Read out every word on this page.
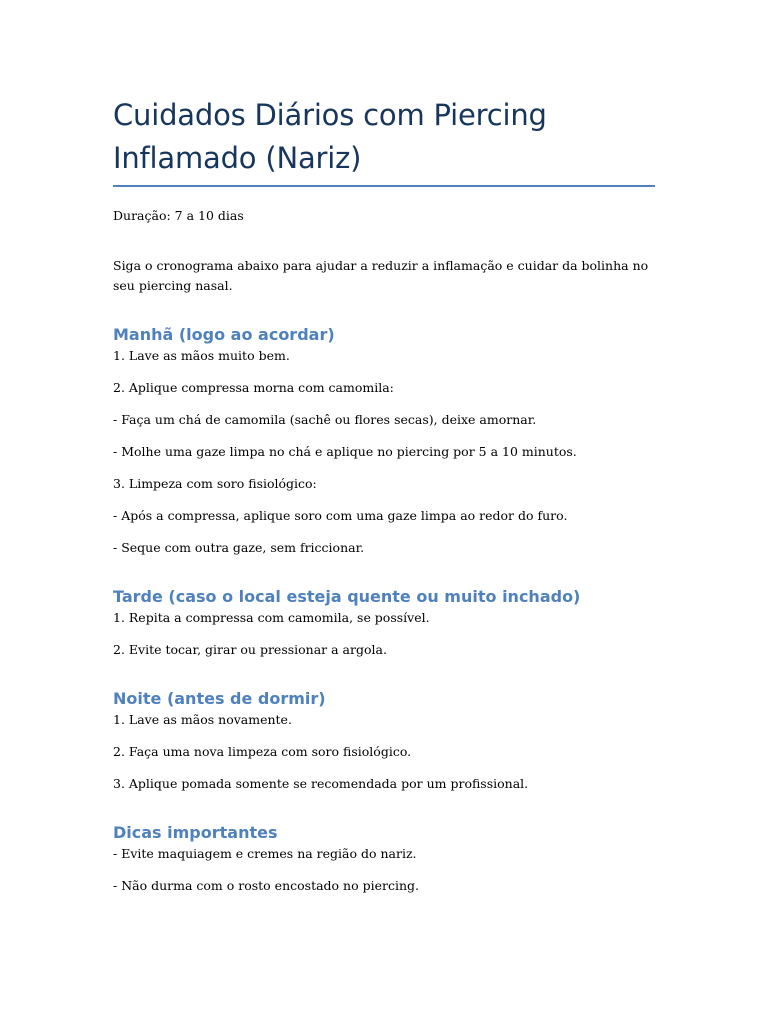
Cuidados Diários com Piercing Inflamado (Nariz)

Duração: 7 a 10 dias

Siga o cronograma abaixo para ajudar a reduzir a inflamação e cuidar da bolinha no seu piercing nasal.

Manhã (logo ao acordar)

1. Lave as mãos muito bem.

2. Aplique compressa morna com camomila:

- Faça um chá de camomila (sachê ou flores secas), deixe amornar.

- Molhe uma gaze limpa no chá e aplique no piercing por 5 a 10 minutos.

3. Limpeza com soro fisiológico:

- Após a compressa, aplique soro com uma gaze limpa ao redor do furo.

- Seque com outra gaze, sem friccionar.

Tarde (caso o local esteja quente ou muito inchado)

1. Repita a compressa com camomila, se possível.

2. Evite tocar, girar ou pressionar a argola.

Noite (antes de dormir)

1. Lave as mãos novamente.

2. Faça uma nova limpeza com soro fisiológico.

3. Aplique pomada somente se recomendada por um profissional.

Dicas importantes

- Evite maquiagem e cremes na região do nariz.

- Não durma com o rosto encostado no piercing.
